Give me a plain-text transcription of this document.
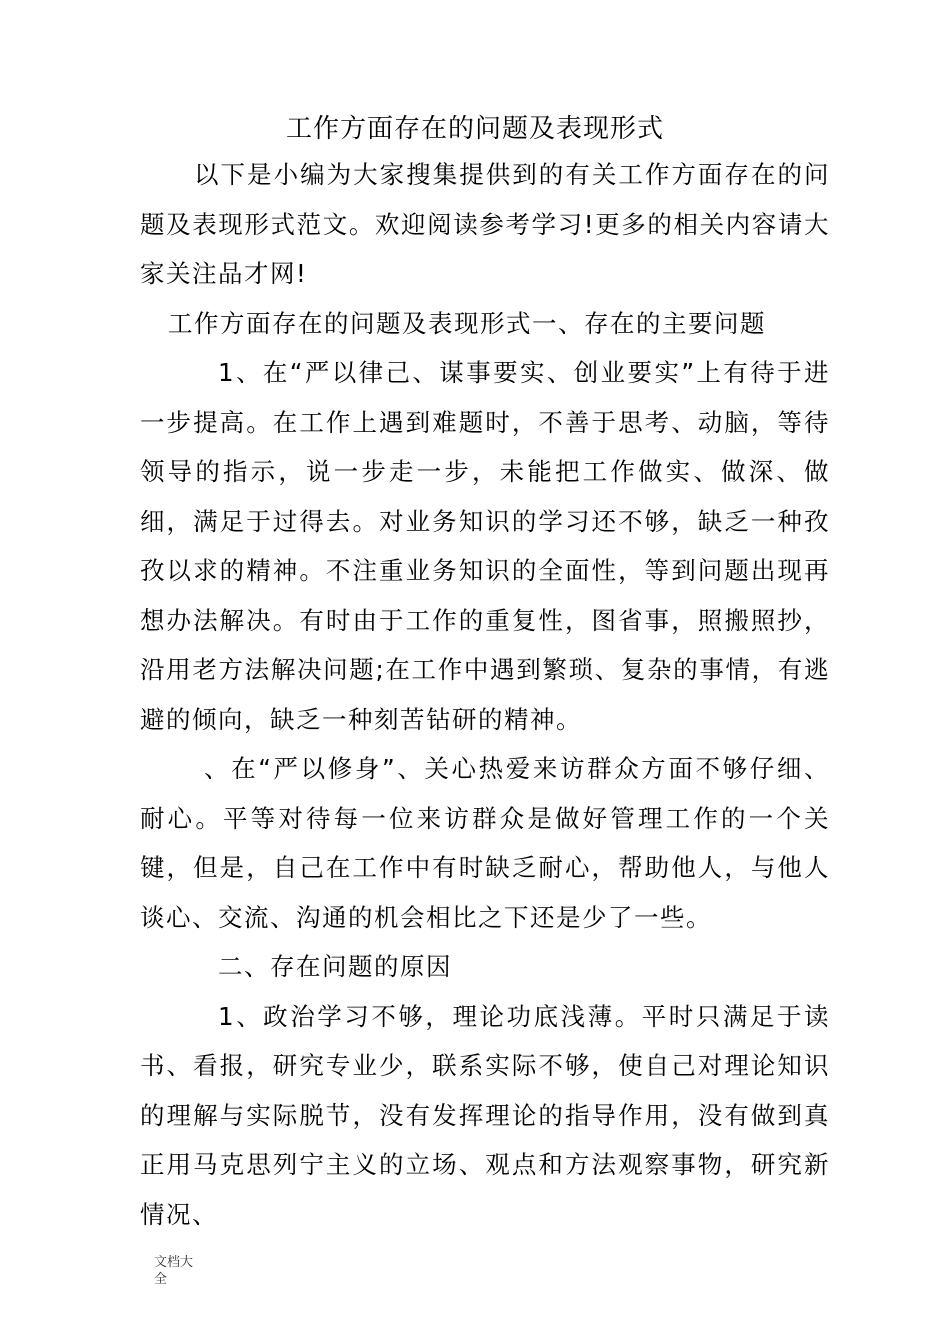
工作方面存在的问题及表现形式

以下是小编为大家搜集提供到的有关工作方面存在的问题及表现形式范文。欢迎阅读参考学习!更多的相关内容请大家关注品才网!

工作方面存在的问题及表现形式一、存在的主要问题

1、在“严以律己、谋事要实、创业要实”上有待于进一步提高。在工作上遇到难题时，不善于思考、动脑，等待领导的指示，说一步走一步，未能把工作做实、做深、做细，满足于过得去。对业务知识的学习还不够，缺乏一种孜孜以求的精神。不注重业务知识的全面性，等到问题出现再想办法解决。有时由于工作的重复性，图省事，照搬照抄，沿用老方法解决问题;在工作中遇到繁琐、复杂的事情，有逃避的倾向，缺乏一种刻苦钻研的精神。

、在“严以修身”、关心热爱来访群众方面不够仔细、耐心。平等对待每一位来访群众是做好管理工作的一个关键，但是，自己在工作中有时缺乏耐心，帮助他人，与他人谈心、交流、沟通的机会相比之下还是少了一些。

二、存在问题的原因

1、政治学习不够，理论功底浅薄。平时只满足于读书、看报，研究专业少，联系实际不够，使自己对理论知识的理解与实际脱节，没有发挥理论的指导作用，没有做到真正用马克思列宁主义的立场、观点和方法观察事物，研究新情况、

文档大
全
